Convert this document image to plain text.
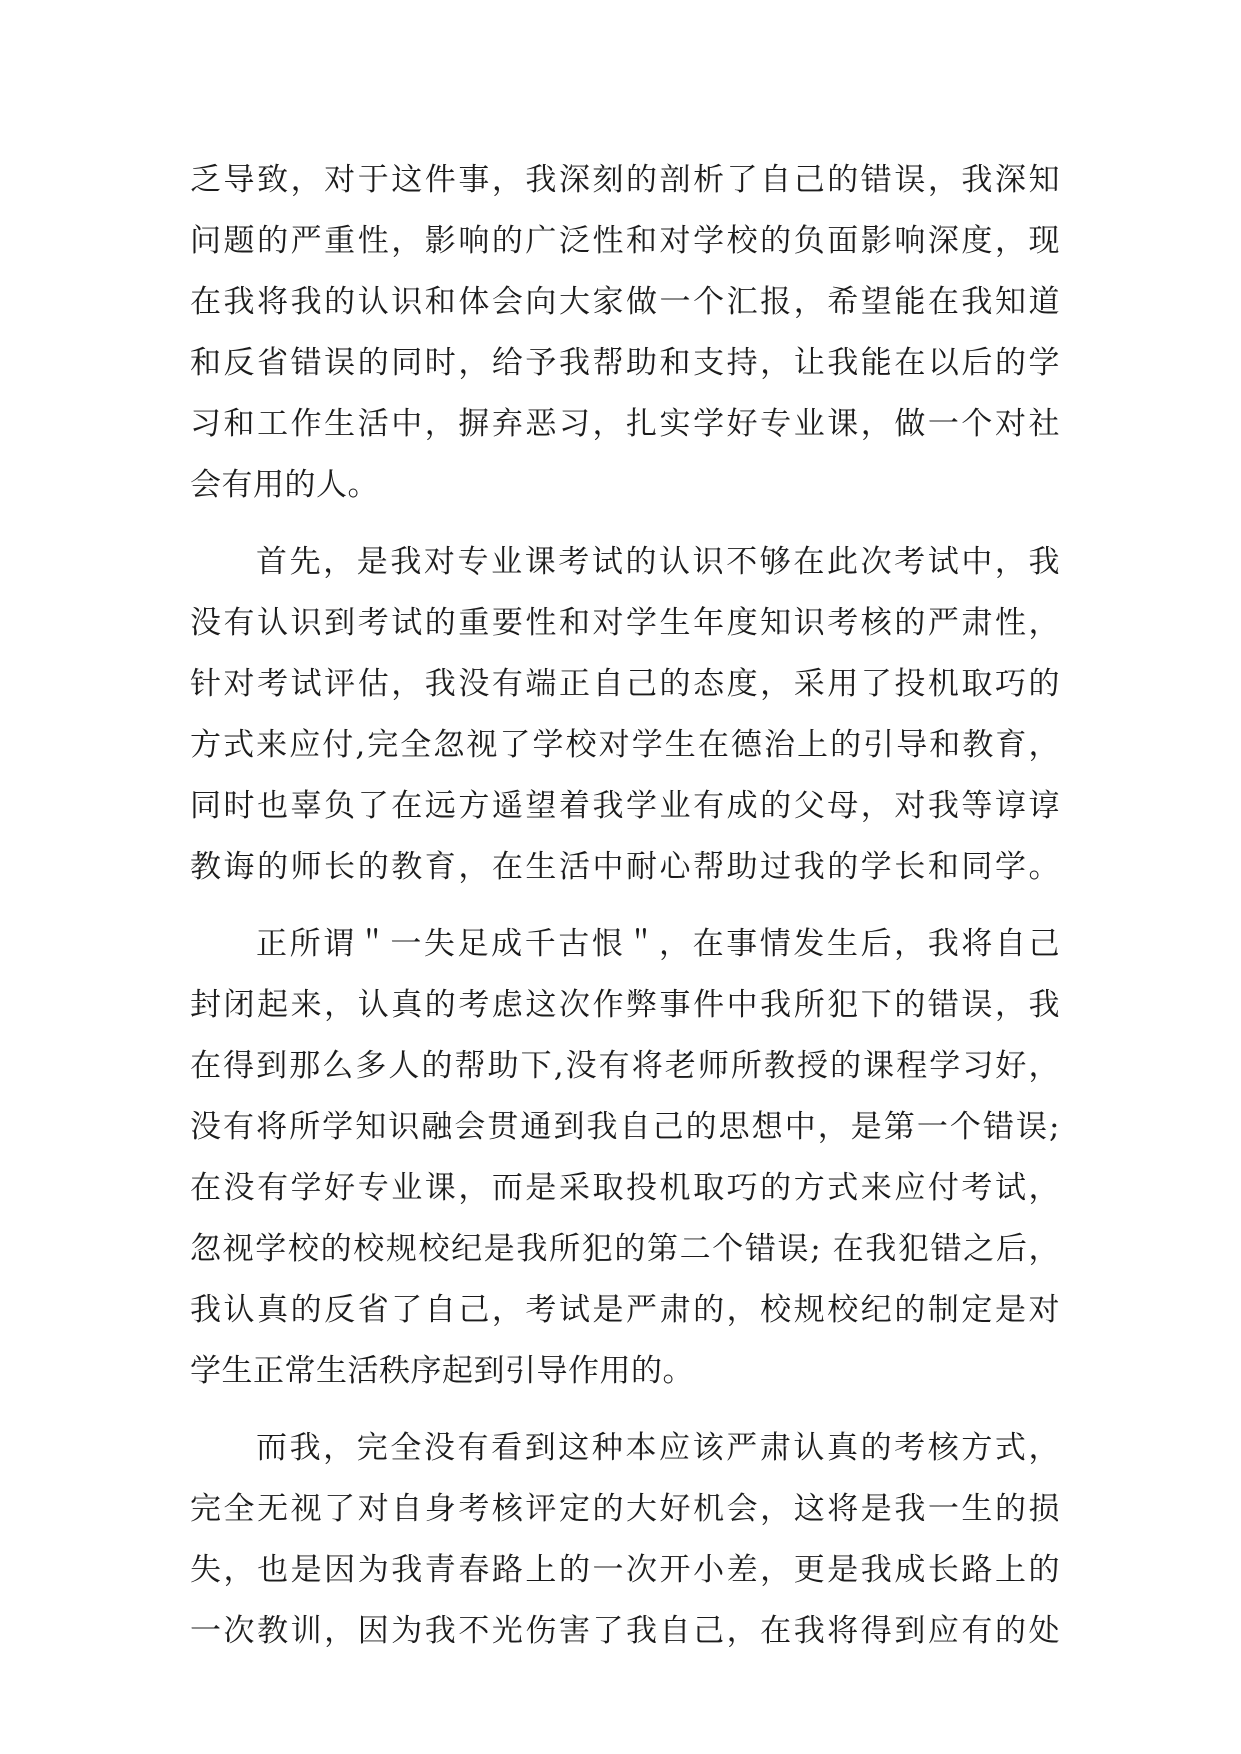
乏导致，对于这件事，我深刻的剖析了自己的错误，我深知
问题的严重性，影响的广泛性和对学校的负面影响深度，现
在我将我的认识和体会向大家做一个汇报，希望能在我知道
和反省错误的同时，给予我帮助和支持，让我能在以后的学
习和工作生活中，摒弃恶习，扎实学好专业课，做一个对社
会有用的人。
首先，是我对专业课考试的认识不够在此次考试中，我
没有认识到考试的重要性和对学生年度知识考核的严肃性，
针对考试评估，我没有端正自己的态度，采用了投机取巧的
方式来应付,完全忽视了学校对学生在德治上的引导和教育，
同时也辜负了在远方遥望着我学业有成的父母，对我等谆谆
教诲的师长的教育，在生活中耐心帮助过我的学长和同学。
正所谓＂一失足成千古恨＂，在事情发生后，我将自己
封闭起来，认真的考虑这次作弊事件中我所犯下的错误，我
在得到那么多人的帮助下,没有将老师所教授的课程学习好，
没有将所学知识融会贯通到我自己的思想中，是第一个错误;
在没有学好专业课，而是采取投机取巧的方式来应付考试，
忽视学校的校规校纪是我所犯的第二个错误; 在我犯错之后，
我认真的反省了自己，考试是严肃的，校规校纪的制定是对
学生正常生活秩序起到引导作用的。
而我，完全没有看到这种本应该严肃认真的考核方式，
完全无视了对自身考核评定的大好机会，这将是我一生的损
失，也是因为我青春路上的一次开小差，更是我成长路上的
一次教训，因为我不光伤害了我自己，在我将得到应有的处
